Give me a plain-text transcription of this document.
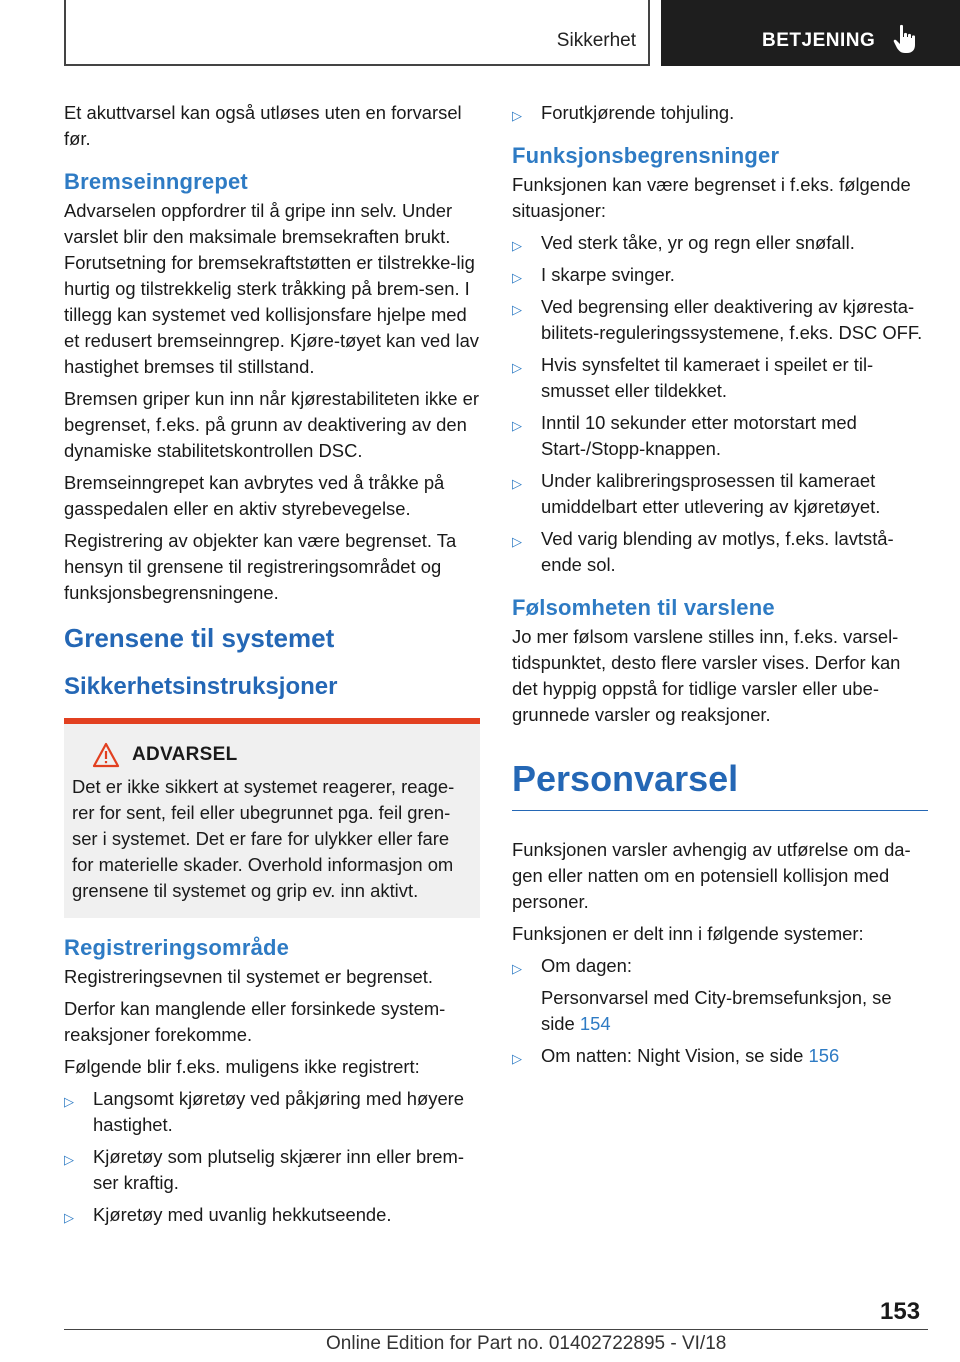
Sikkerhet	BETJENING

Et akuttvarsel kan også utløses uten en forvarsel før.

Bremseinngrepet

Advarselen oppfordrer til å gripe inn selv. Under varslet blir den maksimale bremsekraften brukt. Forutsetning for bremsekraftstøtten er tilstrekke-lig hurtig og tilstrekkelig sterk tråkking på brem-sen. I tillegg kan systemet ved kollisjonsfare hjelpe med et redusert bremseinngrep. Kjøre-tøyet kan ved lav hastighet bremses til stillstand.

Bremsen griper kun inn når kjørestabiliteten ikke er begrenset, f.eks. på grunn av deaktivering av den dynamiske stabilitetskontrollen DSC.

Bremseinngrepet kan avbrytes ved å tråkke på gasspedalen eller en aktiv styrebevegelse.

Registrering av objekter kan være begrenset. Ta hensyn til grensene til registreringsområdet og funksjonsbegrensningene.

Grensene til systemet
Sikkerhetsinstruksjoner
ADVARSEL

Det er ikke sikkert at systemet reagerer, reage-rer for sent, feil eller ubegrunnet pga. feil gren-ser i systemet. Det er fare for ulykker eller fare for materielle skader. Overhold informasjon om grensene til systemet og grip ev. inn aktivt.

Registreringsområde

Registreringsevnen til systemet er begrenset.

Derfor kan manglende eller forsinkede system-reaksjoner forekomme.

Følgende blir f.eks. muligens ikke registrert:

▷ Langsomt kjøretøy ved påkjøring med høyere hastighet.
▷ Kjøretøy som plutselig skjærer inn eller brem-ser kraftig.
▷ Kjøretøy med uvanlig hekkutseende.
▷ Forutkjørende tohjuling.
Funksjonsbegrensninger

Funksjonen kan være begrenset i f.eks. følgende situasjoner:

▷ Ved sterk tåke, yr og regn eller snøfall.
▷ I skarpe svinger.
▷ Ved begrensing eller deaktivering av kjøresta-bilitets-reguleringssystemene, f.eks. DSC OFF.
▷ Hvis synsfeltet til kameraet i speilet er til-smusset eller tildekket.
▷ Inntil 10 sekunder etter motorstart med Start-/Stopp-knappen.
▷ Under kalibreringsprosessen til kameraet umiddelbart etter utlevering av kjøretøyet.
▷ Ved varig blending av motlys, f.eks. lavtstå-ende sol.
Følsomheten til varslene

Jo mer følsom varslene stilles inn, f.eks. varsel-tidspunktet, desto flere varsler vises. Derfor kan det hyppig oppstå for tidlige varsler eller ube-grunnede varsler og reaksjoner.

Personvarsel

Funksjonen varsler avhengig av utførelse om da-gen eller natten om en potensiell kollisjon med personer.

Funksjonen er delt inn i følgende systemer:

▷ Om dagen:
Personvarsel med City-bremsefunksjon, se side 154
▷ Om natten: Night Vision, se side 156
153
Online Edition for Part no. 01402722895 - VI/18
